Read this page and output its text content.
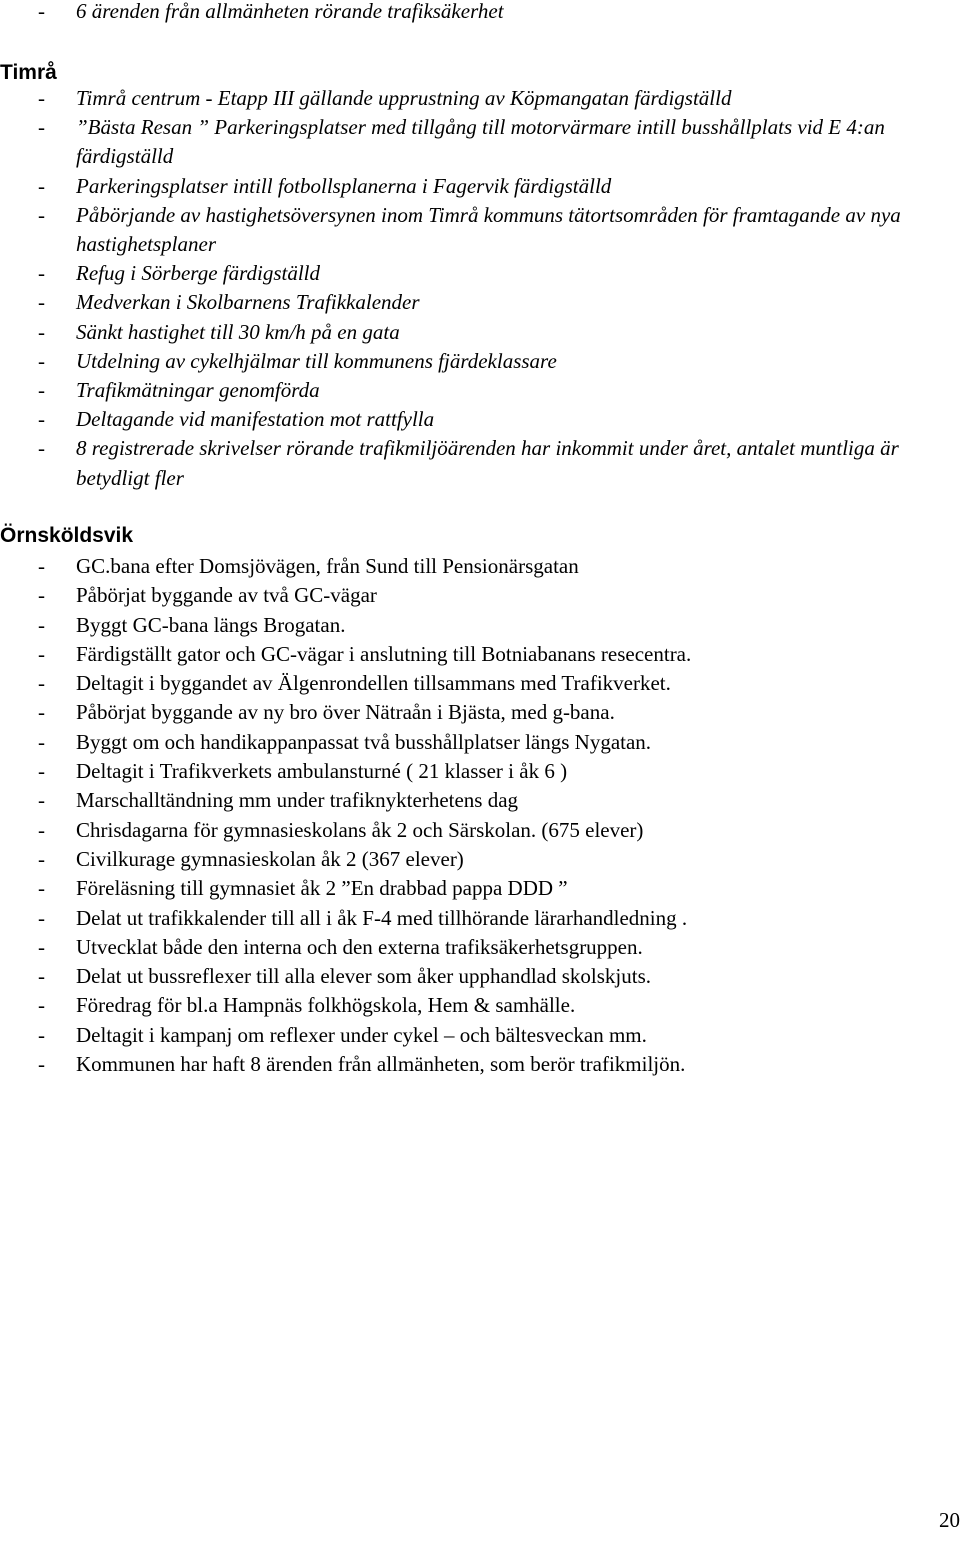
- 6 ärenden från allmänheten rörande trafiksäkerhet
Timrå
- Timrå centrum - Etapp III gällande upprustning av Köpmangatan färdigställd
- ”Bästa Resan ” Parkeringsplatser med tillgång till motorvärmare intill busshållplats vid E 4:an färdigställd
- Parkeringsplatser intill fotbollsplanerna i Fagervik färdigställd
- Påbörjande av hastighetsöversynen inom Timrå kommuns tätortsområden för framtagande av nya hastighetsplaner
- Refug i Sörberge färdigställd
- Medverkan i Skolbarnens Trafikkalender
- Sänkt hastighet till 30 km/h på en gata
- Utdelning av cykelhjälmar till kommunens fjärdeklassare
- Trafikmätningar genomförda
- Deltagande vid manifestation mot rattfylla
- 8 registrerade skrivelser rörande trafikmiljöärenden har inkommit under året, antalet muntliga är betydligt fler
Örnsköldsvik
- GC.bana efter Domsjövägen, från Sund till Pensionärsgatan
- Påbörjat byggande av två GC-vägar
- Byggt GC-bana längs Brogatan.
- Färdigställt gator och GC-vägar i anslutning till Botniabanans resecentra.
- Deltagit i byggandet av Älgenrondellen tillsammans med Trafikverket.
- Påbörjat byggande av ny bro över Nätraån i Bjästa, med g-bana.
- Byggt om och handikappanpassat två busshållplatser längs Nygatan.
- Deltagit i Trafikverkets ambulansturné ( 21 klasser i åk 6 )
- Marschalltändning mm under trafiknykterhetens dag
- Chrisdagarna för gymnasieskolans åk 2 och Särskolan. (675 elever)
- Civilkurage gymnasieskolan åk 2 (367 elever)
- Föreläsning till gymnasiet åk 2 ”En drabbad pappa DDD ”
- Delat ut trafikkalender till all i åk F-4 med tillhörande lärarhandledning .
- Utvecklat både den interna och den externa trafiksäkerhetsgruppen.
- Delat ut bussreflexer till alla elever som åker upphandlad skolskjuts.
- Föredrag för bl.a Hampnäs folkhögskola, Hem & samhälle.
- Deltagit i kampanj om reflexer under cykel – och bältesveckan mm.
- Kommunen har haft 8 ärenden från allmänheten, som berör trafikmiljön.
20
